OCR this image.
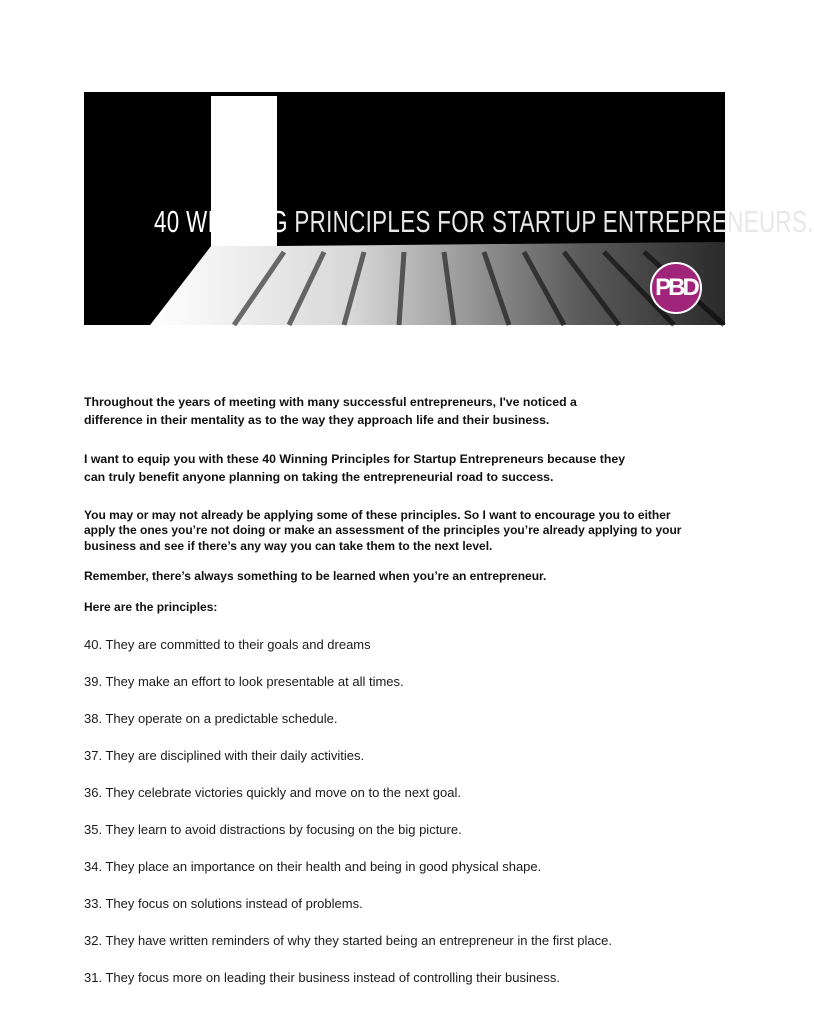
40 WINNING PRINCIPLES FOR STARTUP ENTREPRENEURS.
PBD

Throughout the years of meeting with many successful entrepreneurs, I've noticed a

difference in their mentality as to the way they approach life and their business.

I want to equip you with these 40 Winning Principles for Startup Entrepreneurs because they

can truly benefit anyone planning on taking the entrepreneurial road to success.

You may or may not already be applying some of these principles. So I want to encourage you to either

apply the ones you’re not doing or make an assessment of the principles you’re already applying to your

business and see if there’s any way you can take them to the next level.

Remember, there’s always something to be learned when you’re an entrepreneur.

Here are the principles:

40. They are committed to their goals and dreams

39. They make an effort to look presentable at all times.

38. They operate on a predictable schedule.

37. They are disciplined with their daily activities.

36. They celebrate victories quickly and move on to the next goal.

35. They learn to avoid distractions by focusing on the big picture.

34. They place an importance on their health and being in good physical shape.

33. They focus on solutions instead of problems.

32. They have written reminders of why they started being an entrepreneur in the first place.

31. They focus more on leading their business instead of controlling their business.
